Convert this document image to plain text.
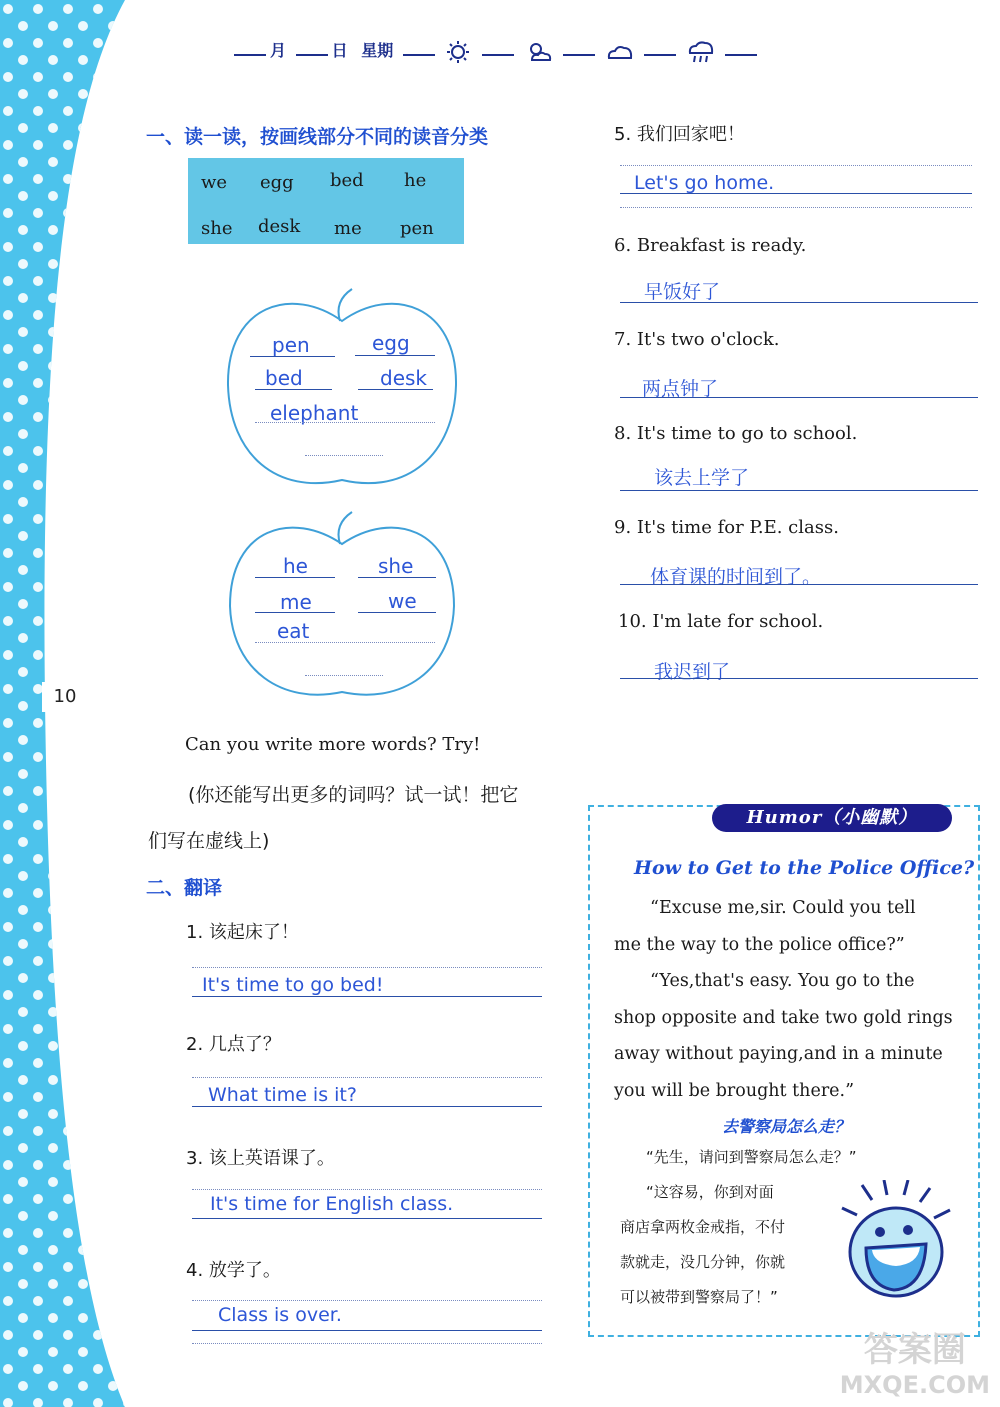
10
月	日 星期
一、读一读，按画线部分不同的读音分类
we egg bed he
she desk me pen
pen	egg
bed	desk
elephant
he	she
me	we
eat
Can you write more words? Try!
(你还能写出更多的词吗？试一试！把它
们写在虚线上)
二、翻译
1. 该起床了！
It's time to go bed!
2. 几点了？
What time is it?
3. 该上英语课了。
It's time for English class.
4. 放学了。
Class is over.
5. 我们回家吧！
Let's go home.
6. Breakfast is ready.
早饭好了
7. It's two o'clock.
两点钟了
8. It's time to go to school.
该去上学了
9. It's time for P.E. class.
体育课的时间到了。
10. I'm late for school.
我迟到了
Humor（小幽默）
How to Get to the Police Office?
“Excuse me,sir. Could you tell
me the way to the police office?”
“Yes,that's easy. You go to the
shop opposite and take two gold rings
away without paying,and in a minute
you will be brought there.”
去警察局怎么走？
“先生，请问到警察局怎么走？”
“这容易，你到对面
商店拿两枚金戒指，不付
款就走，没几分钟，你就
可以被带到警察局了！”
答案圈
MXQE.COM
